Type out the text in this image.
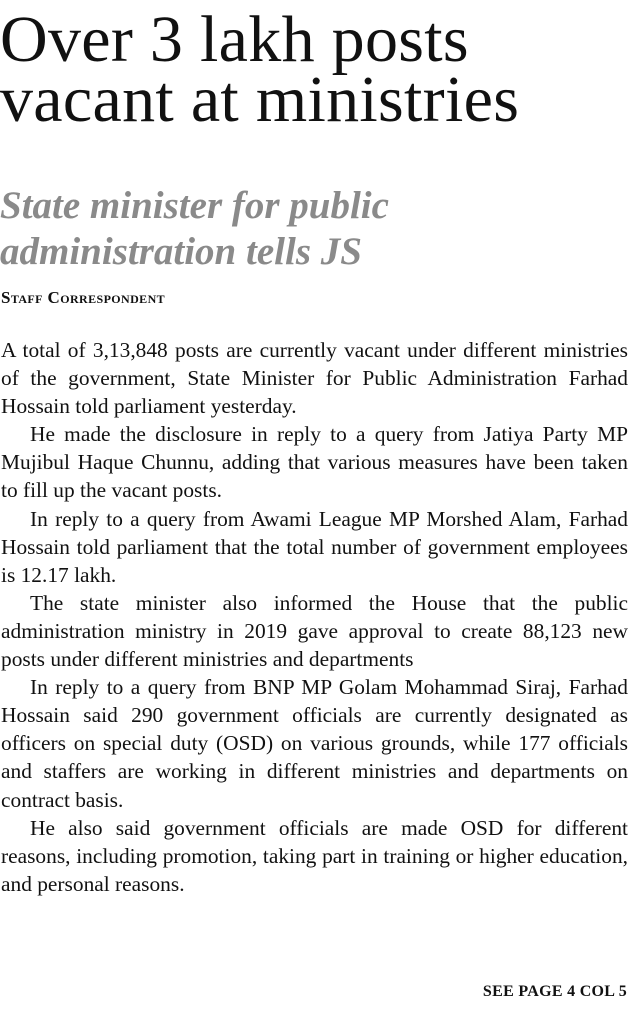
Over 3 lakh posts
vacant at ministries
State minister for public
administration tells JS
Staff Correspondent

A total of 3,13,848 posts are currently vacant under different ministries of the government, State Minister for Public Administration Farhad Hossain told parliament yesterday.

He made the disclosure in reply to a query from Jatiya Party MP Mujibul Haque Chunnu, adding that various measures have been taken to fill up the vacant posts.

In reply to a query from Awami League MP Morshed Alam, Farhad Hossain told parliament that the total number of government employees is 12.17 lakh.

The state minister also informed the House that the public administration ministry in 2019 gave approval to create 88,123 new posts under different ministries and departments

In reply to a query from BNP MP Golam Mohammad Siraj, Farhad Hossain said 290 government officials are currently designated as officers on special duty (OSD) on various grounds, while 177 officials and staffers are working in different ministries and departments on contract basis.

He also said government officials are made OSD for different reasons, including promotion, taking part in training or higher education, and personal reasons.

SEE PAGE 4 COL 5
